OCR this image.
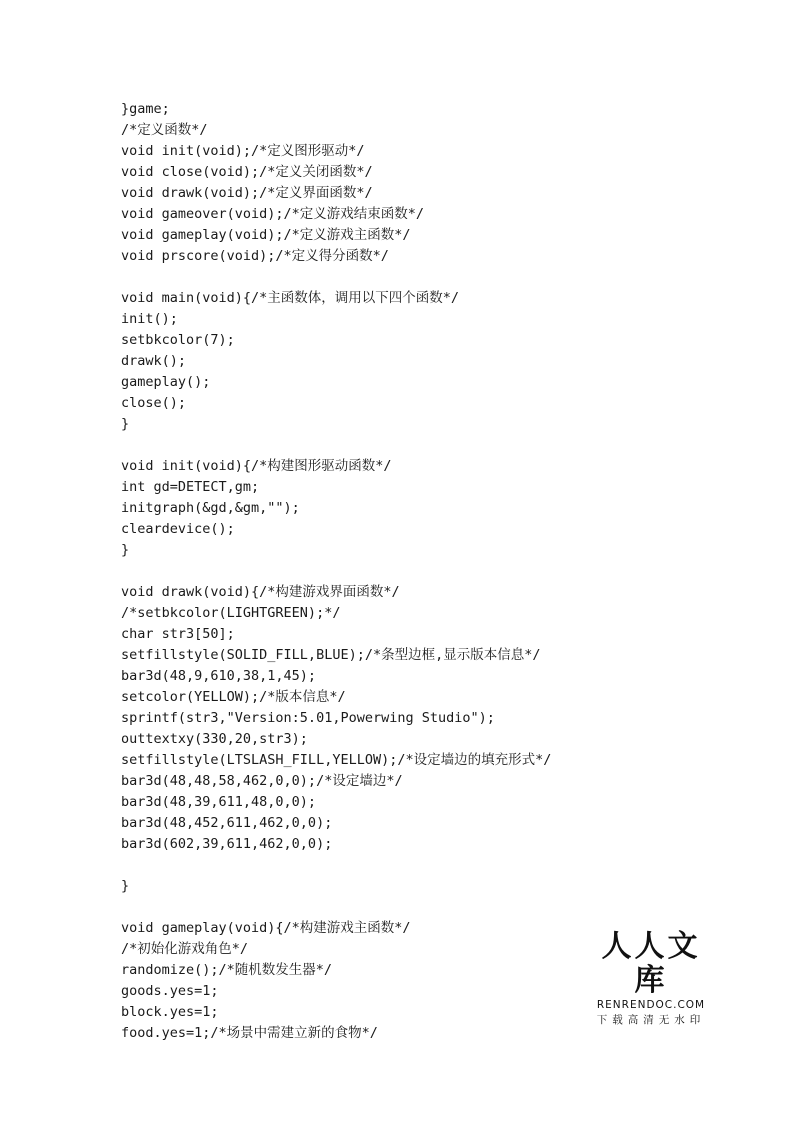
}game;
/*定义函数*/
void init(void);/*定义图形驱动*/
void close(void);/*定义关闭函数*/
void drawk(void);/*定义界面函数*/
void gameover(void);/*定义游戏结束函数*/
void gameplay(void);/*定义游戏主函数*/
void prscore(void);/*定义得分函数*/
void main(void){/*主函数体，调用以下四个函数*/
init();
setbkcolor(7);
drawk();
gameplay();
close();
}
void init(void){/*构建图形驱动函数*/
int gd=DETECT,gm;
initgraph(&gd,&gm,"");
cleardevice();
}
void drawk(void){/*构建游戏界面函数*/
/*setbkcolor(LIGHTGREEN);*/
char str3[50];
setfillstyle(SOLID_FILL,BLUE);/*条型边框,显示版本信息*/
bar3d(48,9,610,38,1,45);
setcolor(YELLOW);/*版本信息*/
sprintf(str3,"Version:5.01,Powerwing Studio");
outtextxy(330,20,str3);
setfillstyle(LTSLASH_FILL,YELLOW);/*设定墙边的填充形式*/
bar3d(48,48,58,462,0,0);/*设定墙边*/
bar3d(48,39,611,48,0,0);
bar3d(48,452,611,462,0,0);
bar3d(602,39,611,462,0,0);
}
void gameplay(void){/*构建游戏主函数*/
/*初始化游戏角色*/
randomize();/*随机数发生器*/
goods.yes=1;
block.yes=1;
food.yes=1;/*场景中需建立新的食物*/
人人文库
RENRENDOC.COM
下载高清无水印
